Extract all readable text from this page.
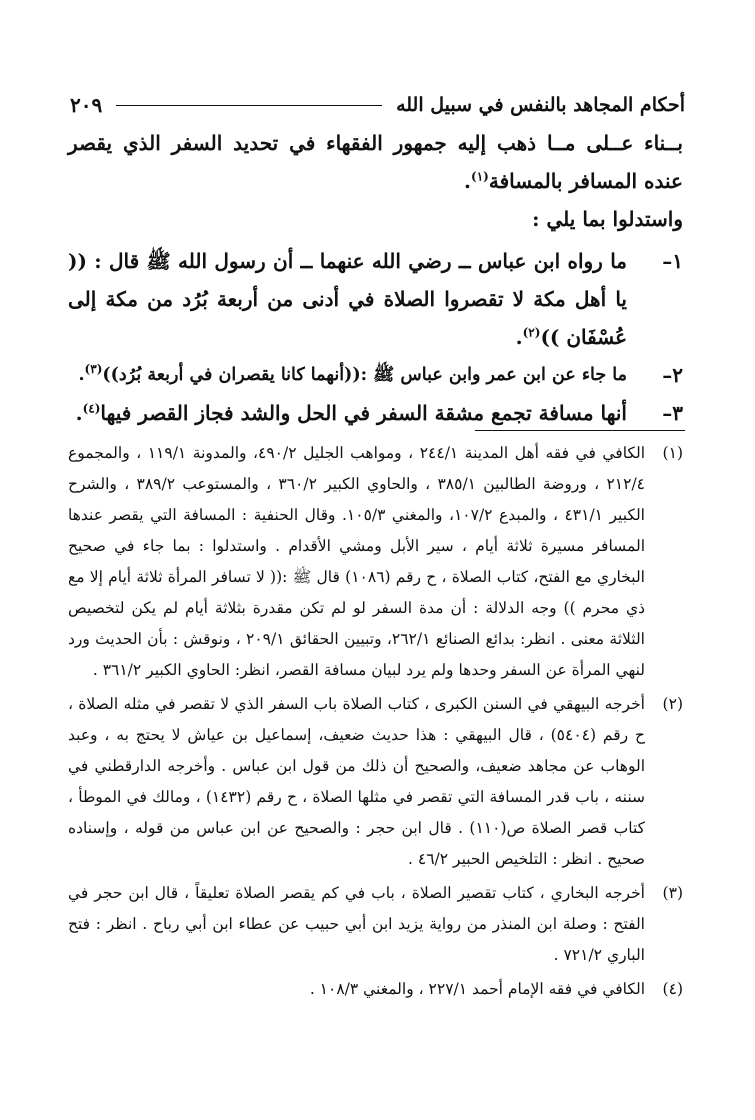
أحكام المجاهد بالنفس في سبيل الله
٢٠٩

بــناء عــلى مــا ذهب إليه جمهور الفقهاء في تحديد السفر الذي يقصر عنده المسافر بالمسافة$^{(١)}$.

واستدلوا بما يلي :

١–
ما رواه ابن عباس ــ رضي الله عنهما ــ أن رسول الله ﷺ قال : (( يا أهل مكة لا تقصروا الصلاة في أدنى من أربعة بُرُد من مكة إلى عُسْفَان ))$^{(٢)}$.
٢–
ما جاء عن ابن عمر وابن عباس ﷺ :((أنهما كانا يقصران في أربعة بُرُد))$^{(٣)}$.
٣–
أنها مسافة تجمع مشقة السفر في الحل والشد فجاز القصر فيها$^{(٤)}$.
(١)

الكافي في فقه أهل المدينة ٢٤٤/١ ، ومواهب الجليل ٤٩٠/٢، والمدونة ١١٩/١ ، والمجموع ٢١٢/٤ ، وروضة الطالبين ٣٨٥/١ ، والحاوي الكبير ٣٦٠/٢ ، والمستوعب ٣٨٩/٢ ، والشرح الكبير ٤٣١/١ ، والمبدع ١٠٧/٢، والمغني ١٠٥/٣. وقال الحنفية : المسافة التي يقصر عندها المسافر مسيرة ثلاثة أيام ، سير الأبل ومشي الأقدام . واستدلوا : بما جاء في صحيح البخاري مع الفتح، كتاب الصلاة ، ح رقم (١٠٨٦) قال ﷺ :(( لا تسافر المرأة ثلاثة أيام إلا مع ذي محرم )) وجه الدلالة : أن مدة السفر لو لم تكن مقدرة بثلاثة أيام لم يكن لتخصيص الثلاثة معنى . انظر: بدائع الصنائع ٢٦٢/١، وتبيين الحقائق ٢٠٩/١ ، ونوقش : بأن الحديث ورد لنهي المرأة عن السفر وحدها ولم يرد لبيان مسافة القصر، انظر: الحاوي الكبير ٣٦١/٢ .

(٢)

أخرجه البيهقي في السنن الكبرى ، كتاب الصلاة باب السفر الذي لا تقصر في مثله الصلاة ، ح رقم (٥٤٠٤) ، قال البيهقي : هذا حديث ضعيف، إسماعيل بن عياش لا يحتج به ، وعبد الوهاب عن مجاهد ضعيف، والصحيح أن ذلك من قول ابن عباس . وأخرجه الدارقطني في سننه ، باب قدر المسافة التي تقصر في مثلها الصلاة ، ح رقم (١٤٣٢) ، ومالك في الموطأ ، كتاب قصر الصلاة ص(١١٠) . قال ابن حجر : والصحيح عن ابن عباس من قوله ، وإسناده صحيح . انظر : التلخيص الحبير ٤٦/٢ .

(٣)

أخرجه البخاري ، كتاب تقصير الصلاة ، باب في كم يقصر الصلاة تعليقاً ، قال ابن حجر في الفتح : وصلة ابن المنذر من رواية يزيد ابن أبي حبيب عن عطاء ابن أبي رباح . انظر : فتح الباري ٧٢١/٢ .

(٤)

الكافي في فقه الإمام أحمد ٢٢٧/١ ، والمغني ١٠٨/٣ .
